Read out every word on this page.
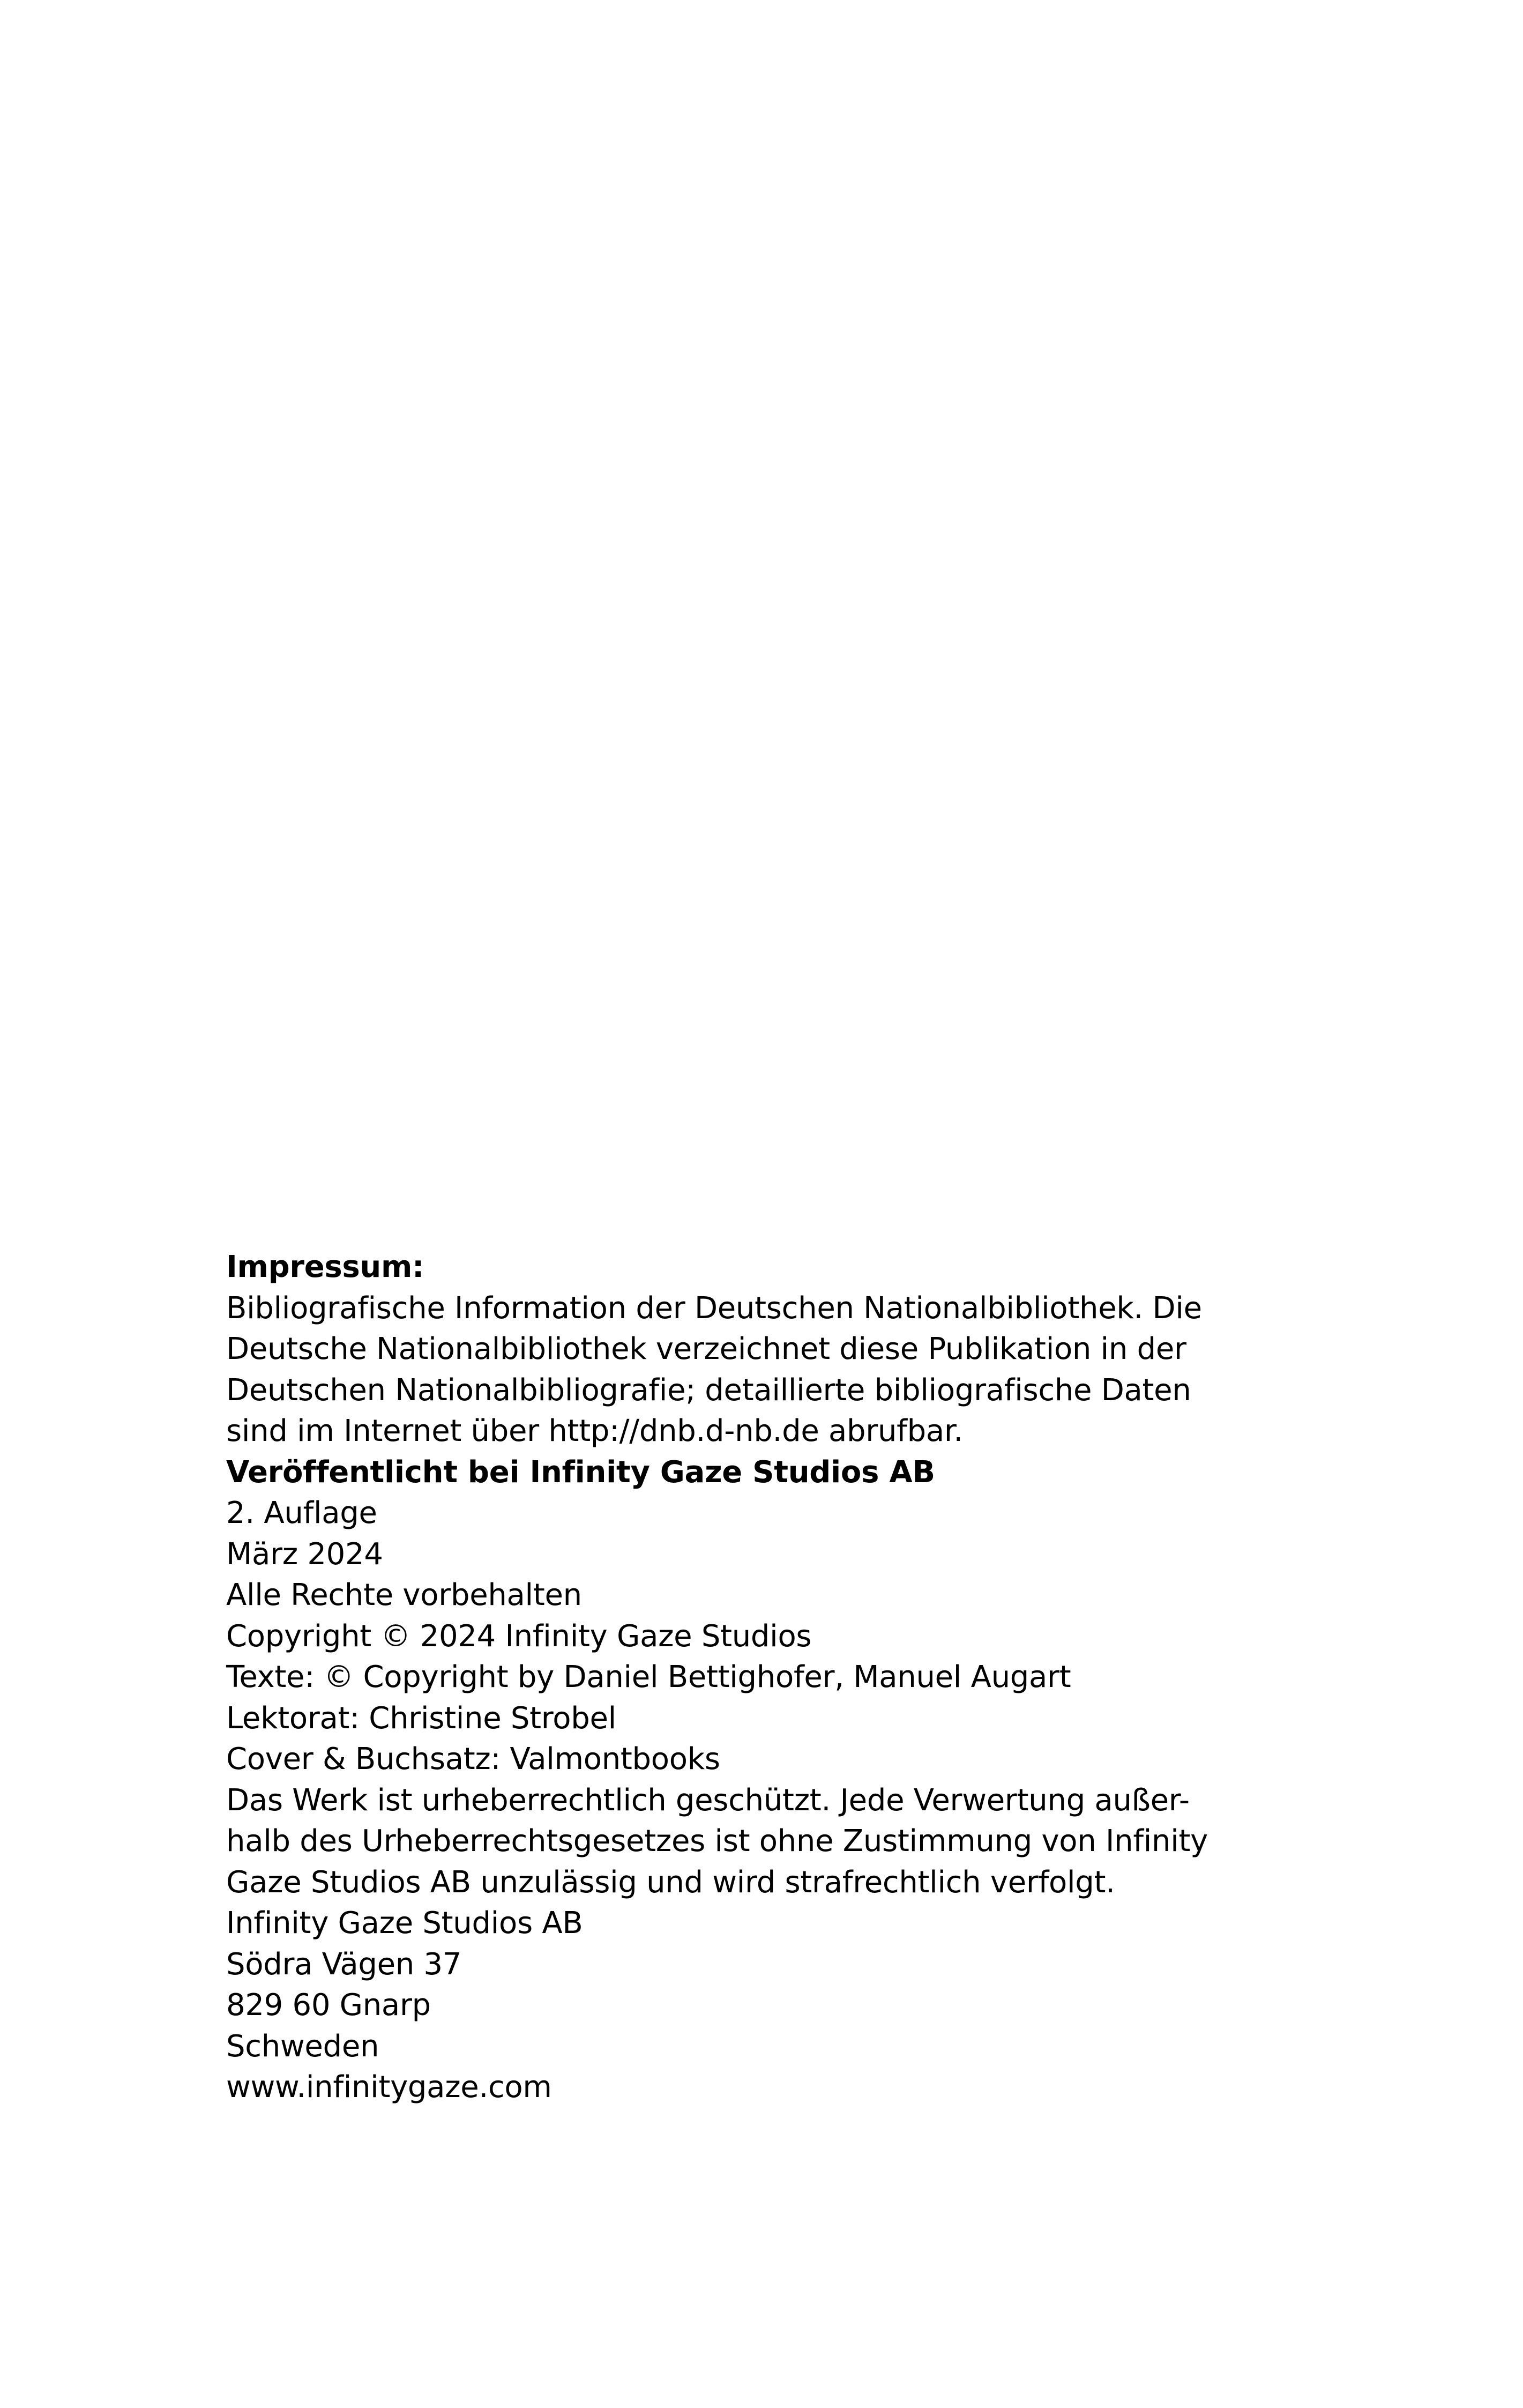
Impressum:
Bibliografische Information der Deutschen Nationalbibliothek. Die
Deutsche Nationalbibliothek verzeichnet diese Publikation in der
Deutschen Nationalbibliografie; detaillierte bibliografische Daten
sind im Internet über http://dnb.d-nb.de abrufbar.
Veröffentlicht bei Infinity Gaze Studios AB
2. Auflage
März 2024
Alle Rechte vorbehalten
Copyright © 2024 Infinity Gaze Studios
Texte: © Copyright by Daniel Bettighofer, Manuel Augart
Lektorat: Christine Strobel
Cover & Buchsatz: Valmontbooks
Das Werk ist urheberrechtlich geschützt. Jede Verwertung außer-
halb des Urheberrechtsgesetzes ist ohne Zustimmung von Infinity
Gaze Studios AB unzulässig und wird strafrechtlich verfolgt.
Infinity Gaze Studios AB
Södra Vägen 37
829 60 Gnarp
Schweden
www.infinitygaze.com
